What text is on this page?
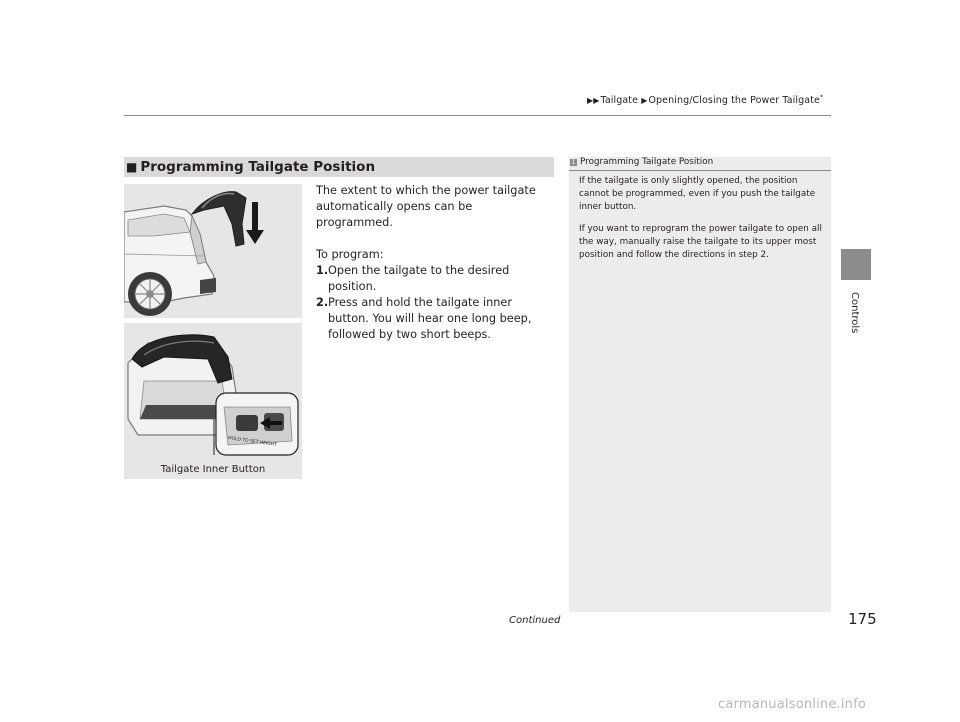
▶▶Tailgate ▶Opening/Closing the Power Tailgate*
Controls
■ Programming Tailgate Position
HOLD TO SET HEIGHT
Tailgate Inner Button

The extent to which the power tailgate automatically opens can be programmed.

To program:

1. Open the tailgate to the desired position.
2. Press and hold the tailgate inner button. You will hear one long beep, followed by two short beeps.
1 Programming Tailgate Position

If the tailgate is only slightly opened, the position cannot be programmed, even if you push the tailgate inner button.

If you want to reprogram the power tailgate to open all the way, manually raise the tailgate to its upper most position and follow the directions in step 2.

Continued	175
carmanualsonline.info
